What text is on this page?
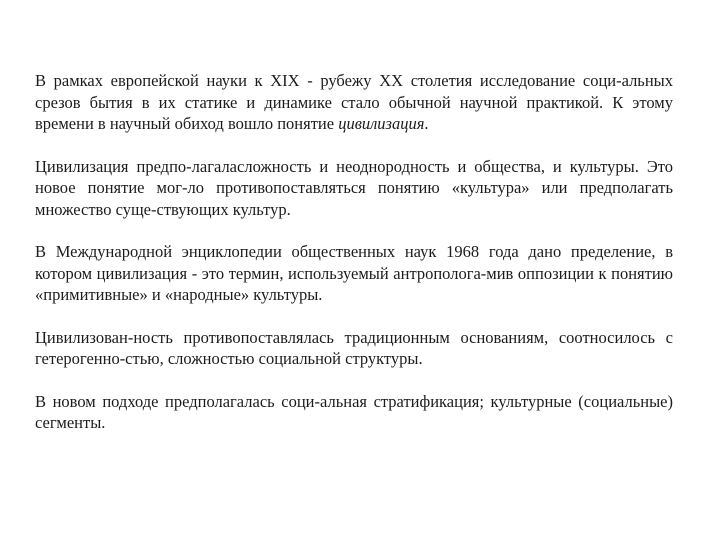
В рамках европейской науки к XIX - рубежу XX столетия исследование соци-альных срезов бытия в их статике и динамике стало обычной научной практикой. К этому времени в научный обиход вошло понятие цивилизация.

Цивилизация предпо-лагаласложность и неоднородность и общества, и культуры. Это новое понятие мог-ло противопоставляться понятию «культура» или предполагать множество суще-ствующих культур.

В Международной энциклопедии общественных наук 1968 года дано пределение, в котором цивилизация - это термин, используемый антрополога-мив оппозиции к понятию «примитивные» и «народные» культуры.

Цивилизован-ность противопоставлялась традиционным основаниям, соотносилось с гетерогенно-стью, сложностью социальной структуры.

В новом подходе предполагалась соци-альная стратификация; культурные (социальные) сегменты.
